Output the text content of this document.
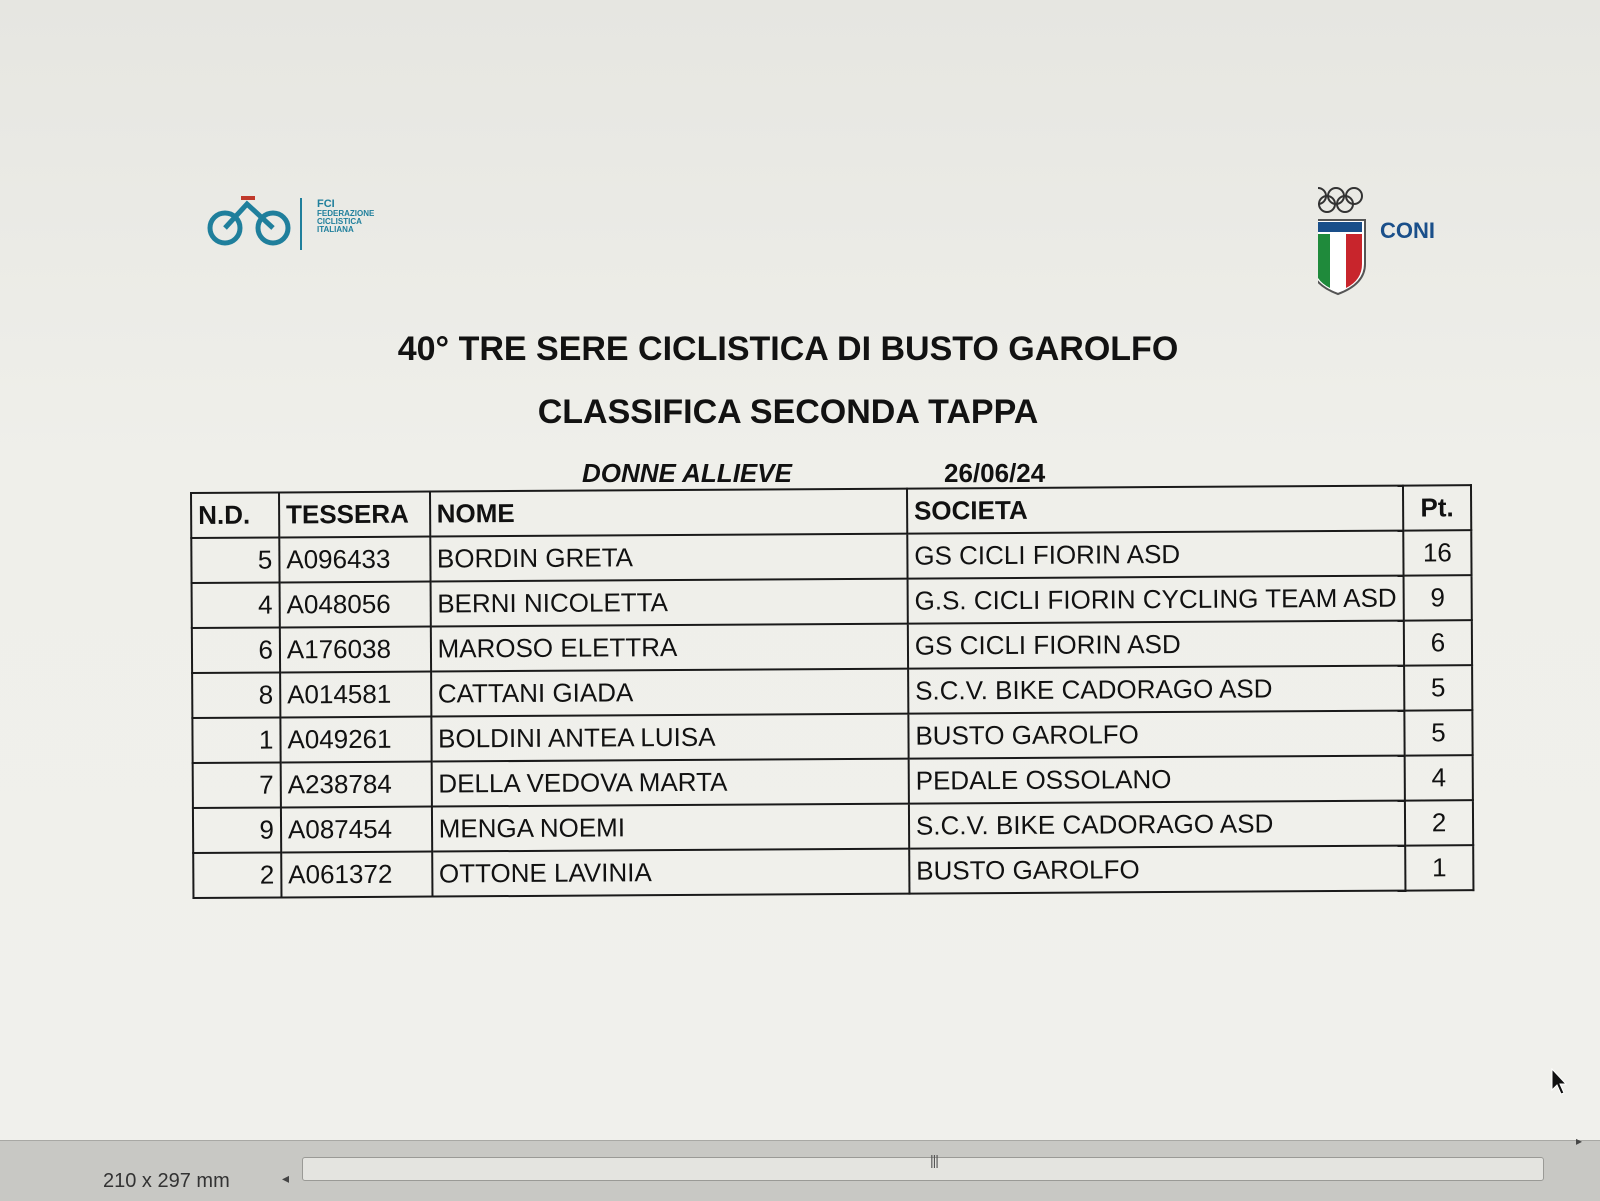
FCI
FEDERAZIONE
CICLISTICA
ITALIANA	CONI
40° TRE SERE CICLISTICA DI BUSTO GAROLFO
CLASSIFICA SECONDA TAPPA
DONNE ALLIEVE	26/06/24
N.D.	TESSERA	NOME	SOCIETA	Pt.
5	A096433	BORDIN GRETA	GS CICLI FIORIN ASD	16
4	A048056	BERNI NICOLETTA	G.S. CICLI FIORIN CYCLING TEAM ASD	9
6	A176038	MAROSO ELETTRA	GS CICLI FIORIN ASD	6
8	A014581	CATTANI GIADA	S.C.V. BIKE CADORAGO ASD	5
1	A049261	BOLDINI ANTEA LUISA	BUSTO GAROLFO	5
7	A238784	DELLA VEDOVA MARTA	PEDALE OSSOLANO	4
9	A087454	MENGA NOEMI	S.C.V. BIKE CADORAGO ASD	2
2	A061372	OTTONE LAVINIA	BUSTO GAROLFO	1
210 x 297 mm	◂
|||
▸
